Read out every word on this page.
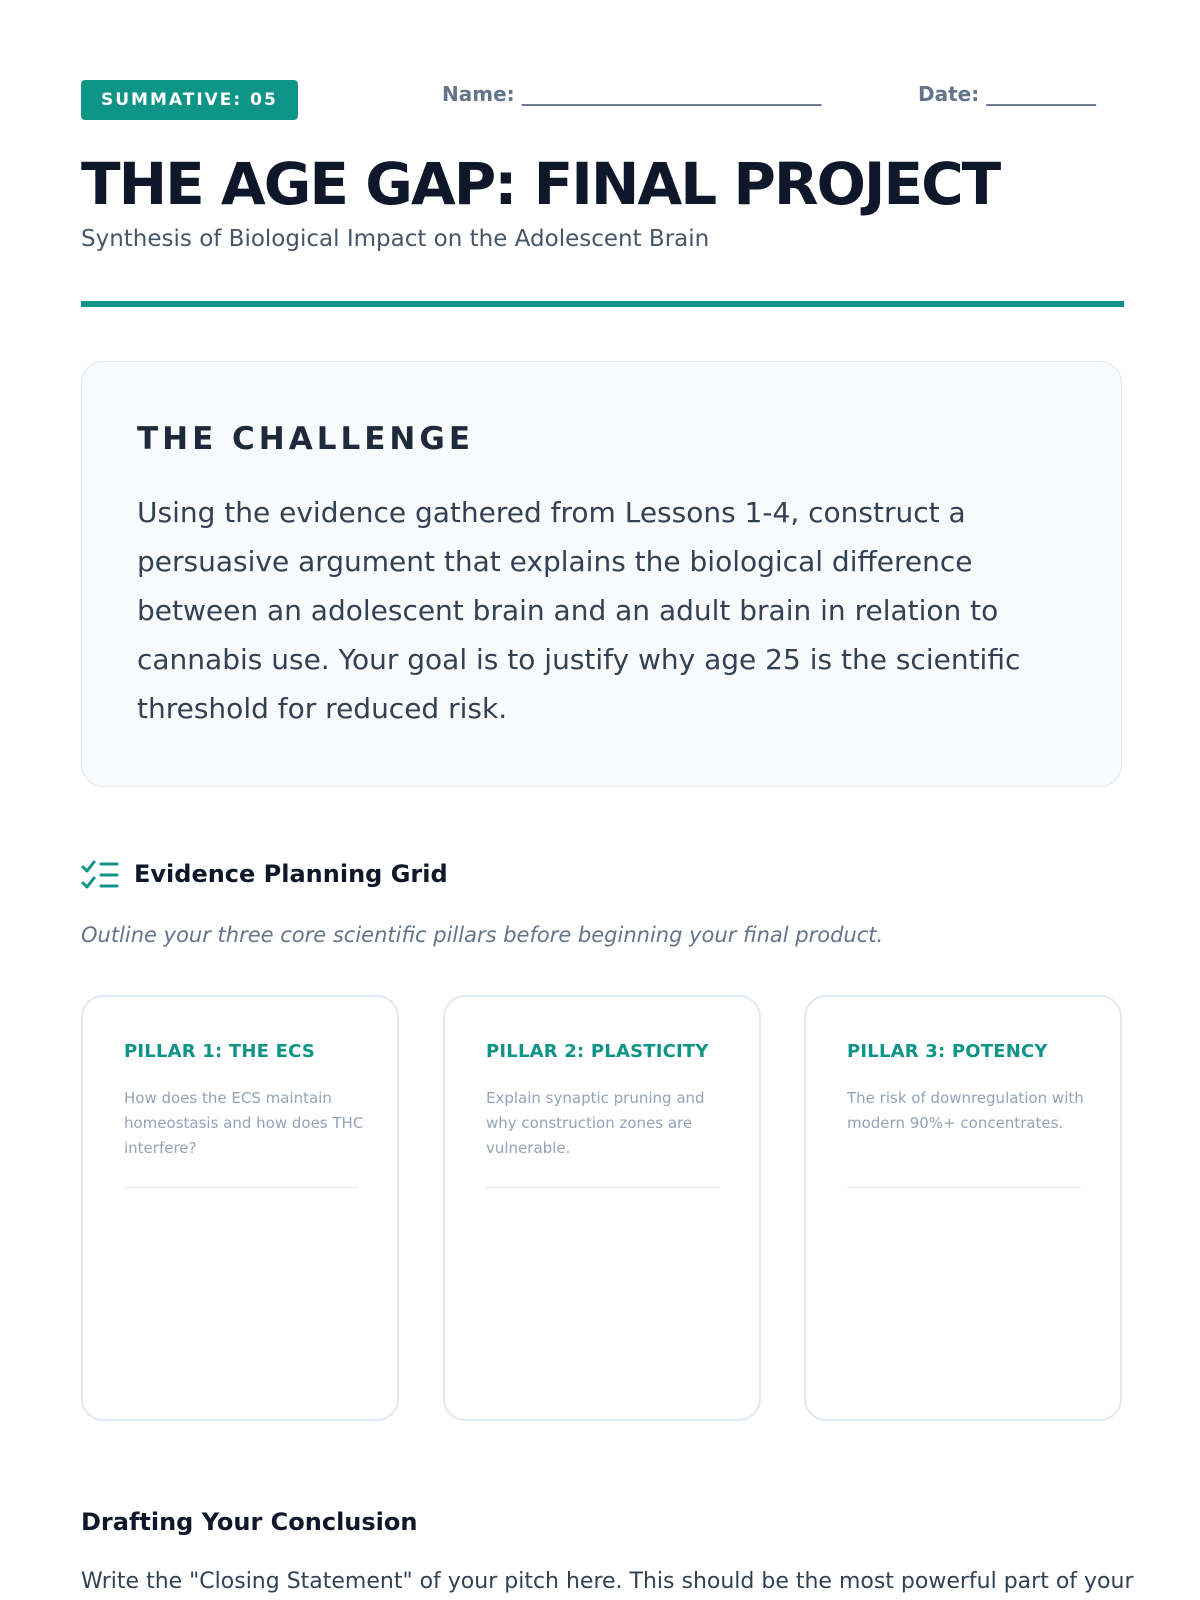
SUMMATIVE: 05	Name: ______________________________	Date: ___________
THE AGE GAP: FINAL PROJECT
Synthesis of Biological Impact on the Adolescent Brain
THE CHALLENGE
Using the evidence gathered from Lessons 1-4, construct a persuasive argument that explains the biological difference between an adolescent brain and an adult brain in relation to cannabis use. Your goal is to justify why age 25 is the scientific threshold for reduced risk.
Evidence Planning Grid
Outline your three core scientific pillars before beginning your final product.
PILLAR 1: THE ECS
How does the ECS maintain homeostasis and how does THC interfere?
PILLAR 2: PLASTICITY
Explain synaptic pruning and why construction zones are vulnerable.
PILLAR 3: POTENCY
The risk of downregulation with modern 90%+ concentrates.
Drafting Your Conclusion
Write the "Closing Statement" of your pitch here. This should be the most powerful part of your
